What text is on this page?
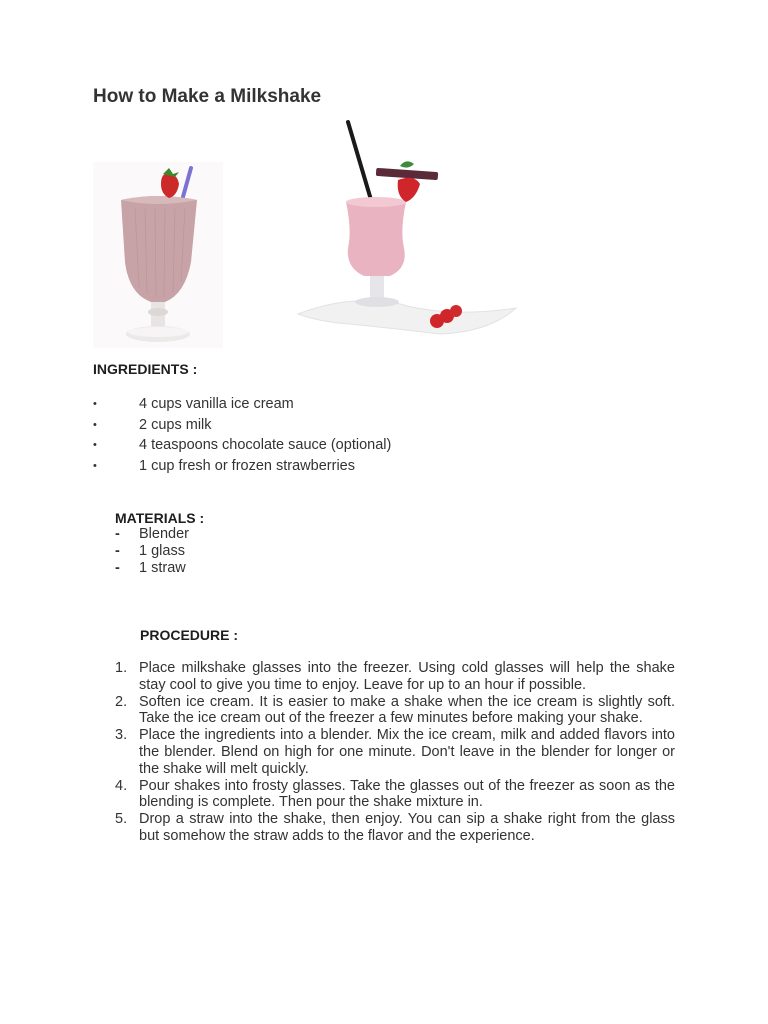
How to Make a Milkshake
INGREDIENTS :
•	4 cups vanilla ice cream
•	2 cups milk
•	4 teaspoons chocolate sauce (optional)
•	1 cup fresh or frozen strawberries
MATERIALS :
- Blender
- 1 glass
- 1 straw
PROCEDURE :
1. Place milkshake glasses into the freezer. Using cold glasses will help the shake stay cool to give you time to enjoy. Leave for up to an hour if possible.
2. Soften ice cream. It is easier to make a shake when the ice cream is slightly soft. Take the ice cream out of the freezer a few minutes before making your shake.
3. Place the ingredients into a blender. Mix the ice cream, milk and added flavors into the blender. Blend on high for one minute. Don't leave in the blender for longer or the shake will melt quickly.
4. Pour shakes into frosty glasses. Take the glasses out of the freezer as soon as the blending is complete. Then pour the shake mixture in.
5. Drop a straw into the shake, then enjoy. You can sip a shake right from the glass but somehow the straw adds to the flavor and the experience.
